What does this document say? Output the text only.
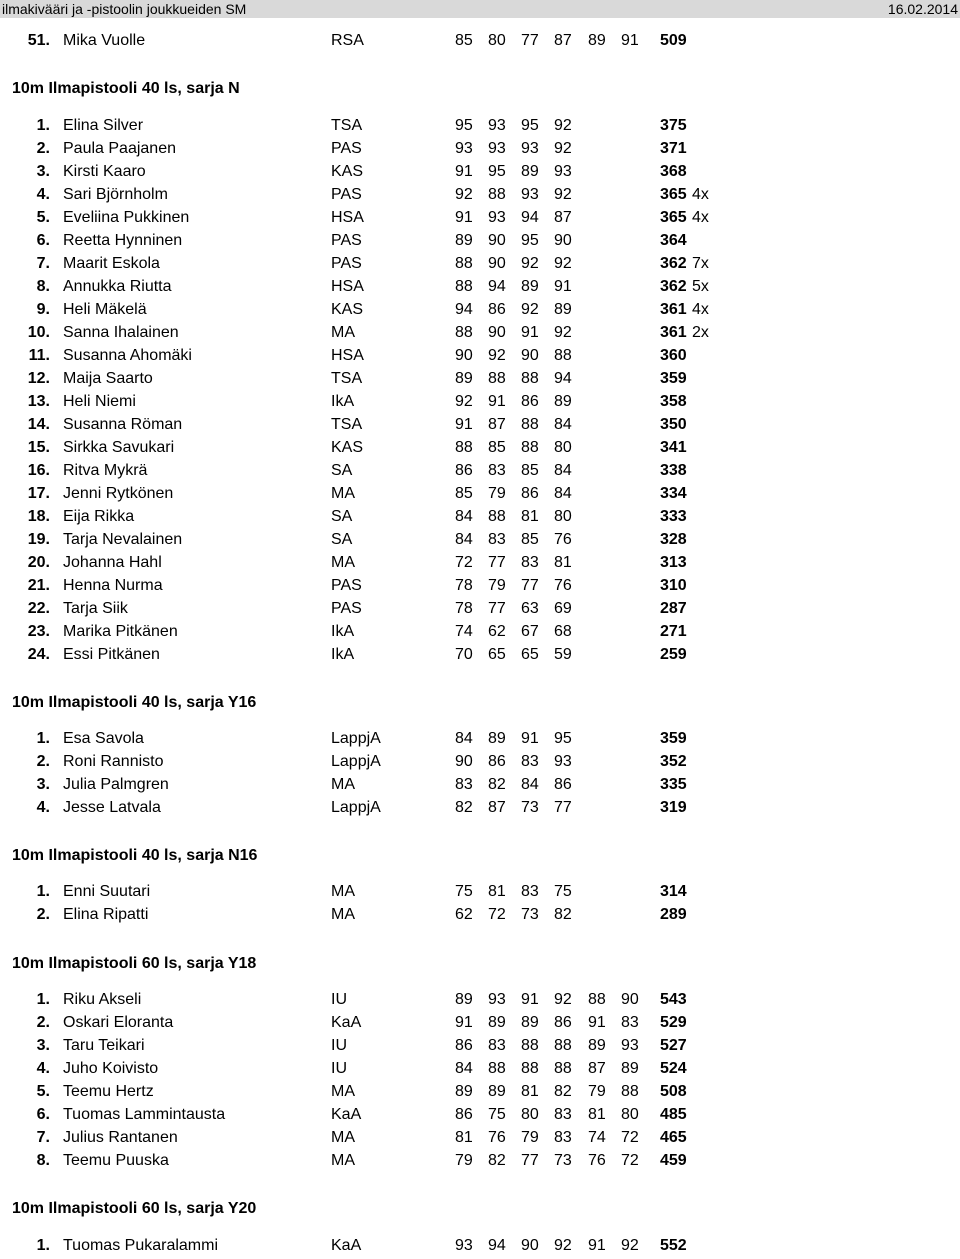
ilmakivääri ja -pistoolin joukkueiden SM	16.02.2014
51. Mika Vuolle	RSA	85 80 77 87 89 91 509
10m Ilmapistooli 40 ls, sarja N
1. Elina Silver	TSA	95 93 95 92	375
2. Paula Paajanen	PAS	93 93 93 92	371
3. Kirsti Kaaro	KAS	91 95 89 93	368
4. Sari Björnholm	PAS	92 88 93 92	365 4x
5. Eveliina Pukkinen	HSA	91 93 94 87	365 4x
6. Reetta Hynninen	PAS	89 90 95 90	364
7. Maarit Eskola	PAS	88 90 92 92	362 7x
8. Annukka Riutta	HSA	88 94 89 91	362 5x
9. Heli Mäkelä	KAS	94 86 92 89	361 4x
10. Sanna Ihalainen	MA	88 90 91 92	361 2x
11. Susanna Ahomäki	HSA	90 92 90 88	360
12. Maija Saarto	TSA	89 88 88 94	359
13. Heli Niemi	IkA	92 91 86 89	358
14. Susanna Röman	TSA	91 87 88 84	350
15. Sirkka Savukari	KAS	88 85 88 80	341
16. Ritva Mykrä	SA	86 83 85 84	338
17. Jenni Rytkönen	MA	85 79 86 84	334
18. Eija Rikka	SA	84 88 81 80	333
19. Tarja Nevalainen	SA	84 83 85 76	328
20. Johanna Hahl	MA	72 77 83 81	313
21. Henna Nurma	PAS	78 79 77 76	310
22. Tarja Siik	PAS	78 77 63 69	287
23. Marika Pitkänen	IkA	74 62 67 68	271
24. Essi Pitkänen	IkA	70 65 65 59	259
10m Ilmapistooli 40 ls, sarja Y16
1. Esa Savola	LappjA	84 89 91 95	359
2. Roni Rannisto	LappjA	90 86 83 93	352
3. Julia Palmgren	MA	83 82 84 86	335
4. Jesse Latvala	LappjA	82 87 73 77	319
10m Ilmapistooli 40 ls, sarja N16
1. Enni Suutari	MA	75 81 83 75	314
2. Elina Ripatti	MA	62 72 73 82	289
10m Ilmapistooli 60 ls, sarja Y18
1. Riku Akseli	IU	89 93 91 92 88 90 543
2. Oskari Eloranta	KaA	91 89 89 86 91 83 529
3. Taru Teikari	IU	86 83 88 88 89 93 527
4. Juho Koivisto	IU	84 88 88 88 87 89 524
5. Teemu Hertz	MA	89 89 81 82 79 88 508
6. Tuomas Lammintausta	KaA	86 75 80 83 81 80 485
7. Julius Rantanen	MA	81 76 79 83 74 72 465
8. Teemu Puuska	MA	79 82 77 73 76 72 459
10m Ilmapistooli 60 ls, sarja Y20
1. Tuomas Pukaralammi	KaA	93 94 90 92 91 92 552
